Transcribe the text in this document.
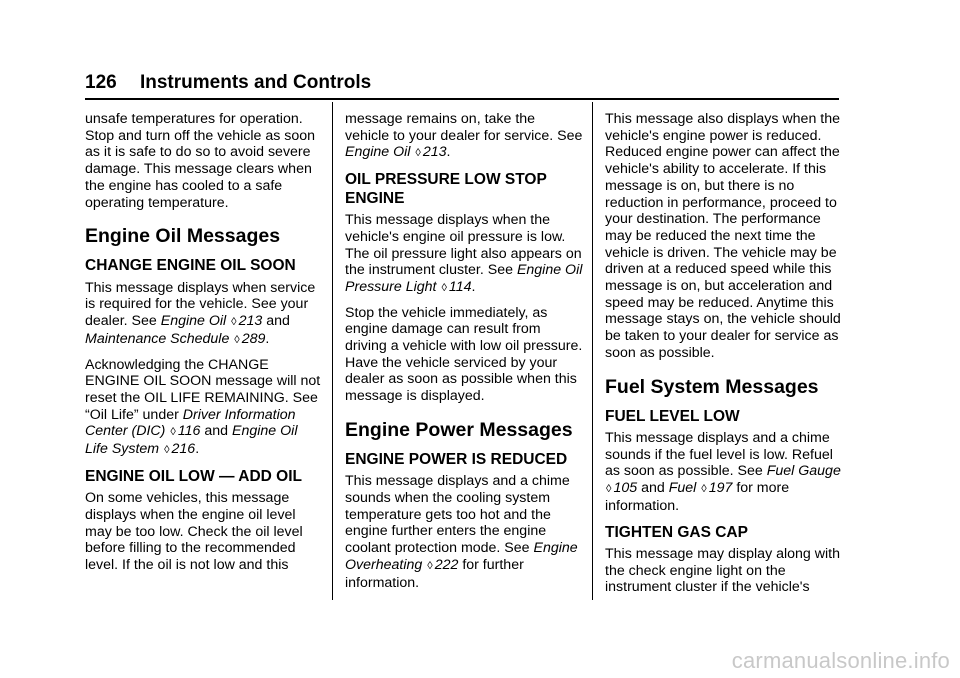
126 Instruments and Controls

unsafe temperatures for operation. Stop and turn off the vehicle as soon as it is safe to do so to avoid severe damage. This message clears when the engine has cooled to a safe operating temperature.

Engine Oil Messages
CHANGE ENGINE OIL SOON

This message displays when service is required for the vehicle. See your dealer. See Engine Oil ◊ 213 and Maintenance Schedule ◊ 289.

Acknowledging the CHANGE ENGINE OIL SOON message will not reset the OIL LIFE REMAINING. See “Oil Life” under Driver Information Center (DIC) ◊ 116 and Engine Oil Life System ◊ 216.

ENGINE OIL LOW — ADD OIL

On some vehicles, this message displays when the engine oil level may be too low. Check the oil level before filling to the recommended level. If the oil is not low and this

message remains on, take the vehicle to your dealer for service. See Engine Oil ◊ 213.

OIL PRESSURE LOW STOP ENGINE

This message displays when the vehicle's engine oil pressure is low. The oil pressure light also appears on the instrument cluster. See Engine Oil Pressure Light ◊ 114.

Stop the vehicle immediately, as engine damage can result from driving a vehicle with low oil pressure. Have the vehicle serviced by your dealer as soon as possible when this message is displayed.

Engine Power Messages
ENGINE POWER IS REDUCED

This message displays and a chime sounds when the cooling system temperature gets too hot and the engine further enters the engine coolant protection mode. See Engine Overheating ◊ 222 for further information.

This message also displays when the vehicle's engine power is reduced. Reduced engine power can affect the vehicle's ability to accelerate. If this message is on, but there is no reduction in performance, proceed to your destination. The performance may be reduced the next time the vehicle is driven. The vehicle may be driven at a reduced speed while this message is on, but acceleration and speed may be reduced. Anytime this message stays on, the vehicle should be taken to your dealer for service as soon as possible.

Fuel System Messages
FUEL LEVEL LOW

This message displays and a chime sounds if the fuel level is low. Refuel as soon as possible. See Fuel Gauge ◊ 105 and Fuel ◊ 197 for more information.

TIGHTEN GAS CAP

This message may display along with the check engine light on the instrument cluster if the vehicle's

carmanualsonline.info
